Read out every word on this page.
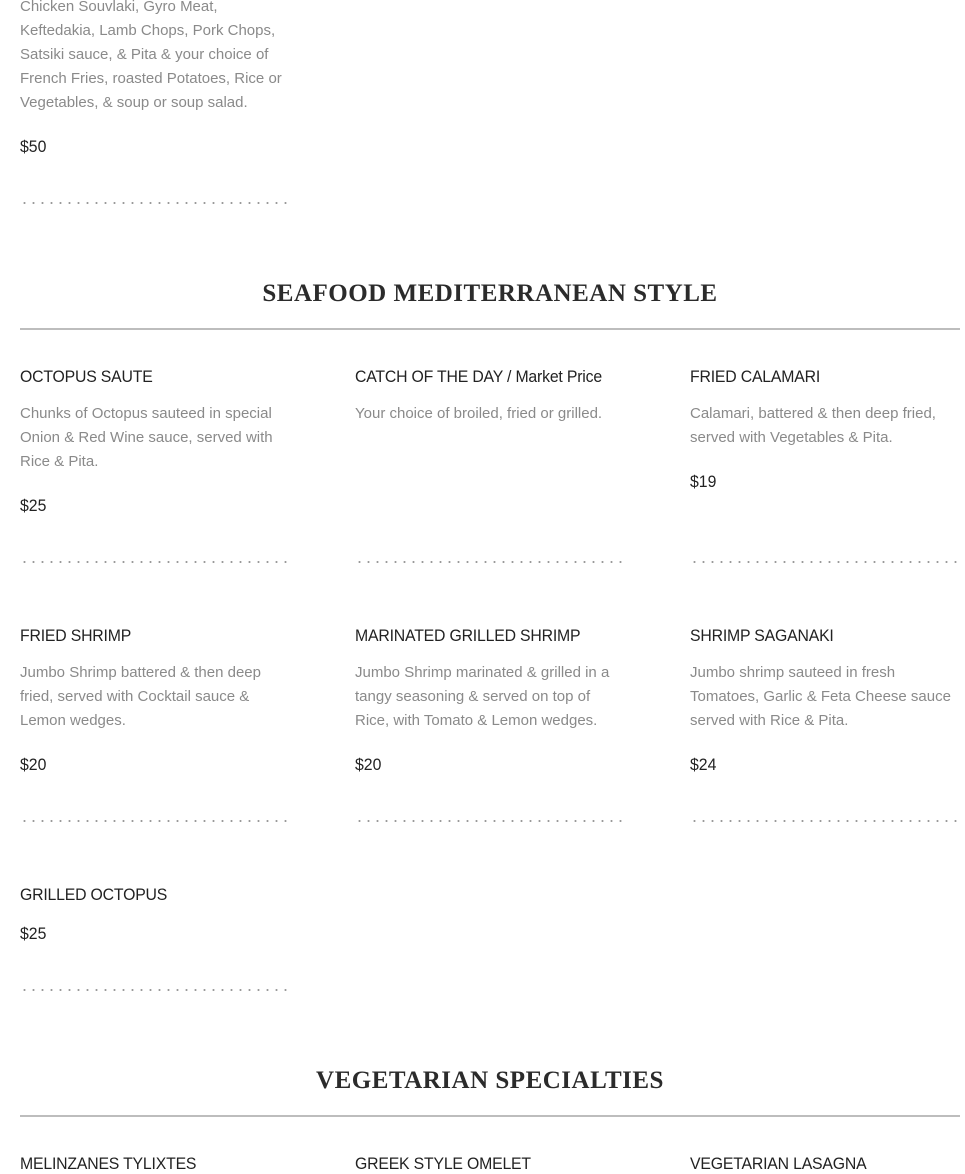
Chicken Souvlaki, Gyro Meat,
Keftedakia, Lamb Chops, Pork Chops,
Satsiki sauce, & Pita & your choice of
French Fries, roasted Potatoes, Rice or
Vegetables, & soup or soup salad.

$50

SEAFOOD MEDITERRANEAN STYLE

OCTOPUS SAUTE

Chunks of Octopus sauteed in special
Onion & Red Wine sauce, served with
Rice & Pita.

$25

CATCH OF THE DAY / Market Price

Your choice of broiled, fried or grilled.

FRIED CALAMARI

Calamari, battered & then deep fried,
served with Vegetables & Pita.

$19

FRIED SHRIMP

Jumbo Shrimp battered & then deep
fried, served with Cocktail sauce &
Lemon wedges.

$20

MARINATED GRILLED SHRIMP

Jumbo Shrimp marinated & grilled in a
tangy seasoning & served on top of
Rice, with Tomato & Lemon wedges.

$20

SHRIMP SAGANAKI

Jumbo shrimp sauteed in fresh
Tomatoes, Garlic & Feta Cheese sauce
served with Rice & Pita.

$24

GRILLED OCTOPUS

$25

VEGETARIAN SPECIALTIES

MELINZANES TYLIXTES	GREEK STYLE OMELET	VEGETARIAN LASAGNA
